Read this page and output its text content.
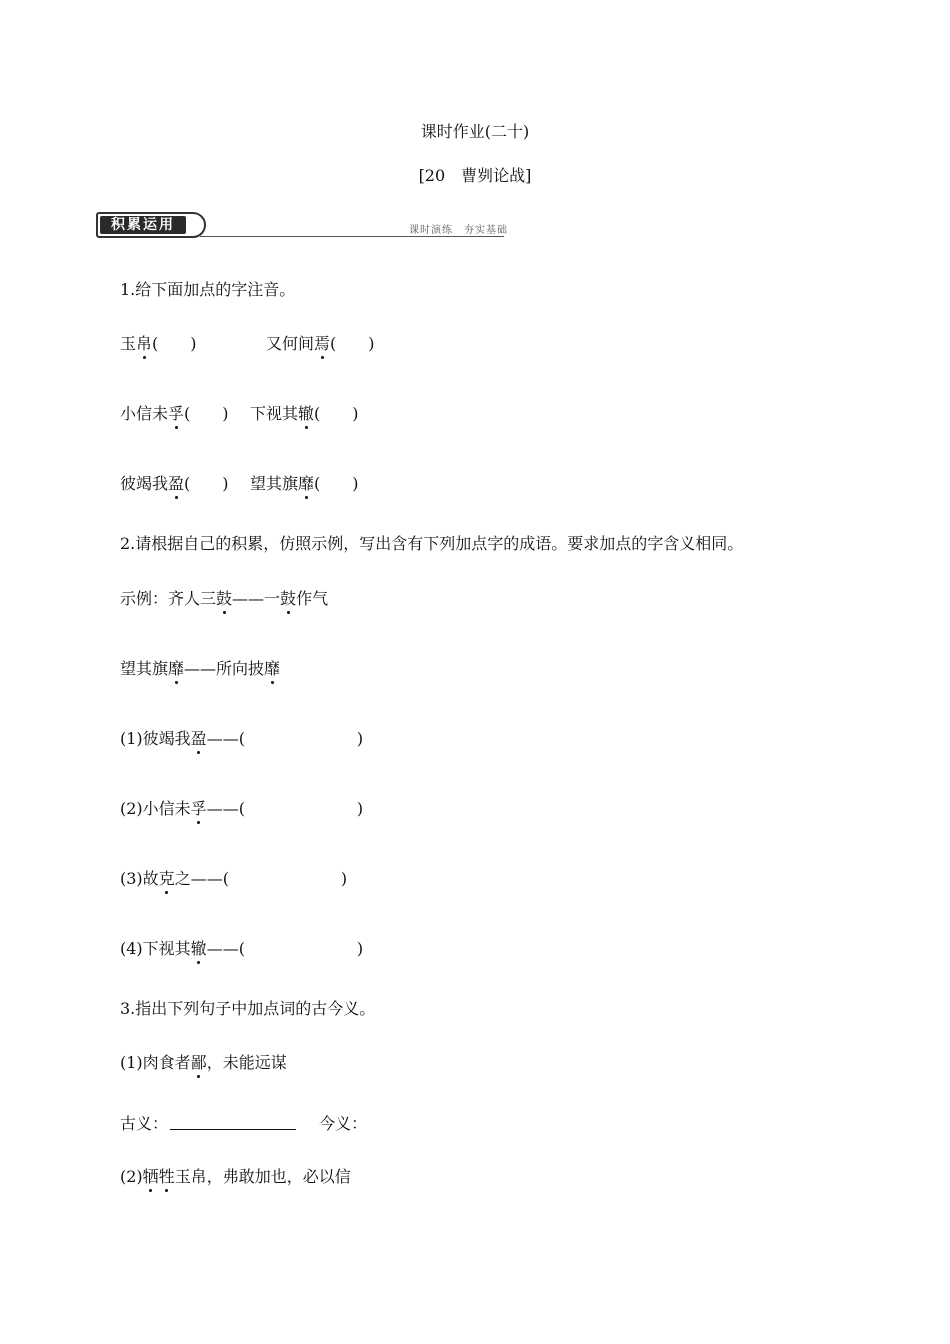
课时作业(二十)
[20　曹刿论战]
积累运用	课时演练　夯实基础
1.给下面加点的字注音。
玉帛(　　)	又何间焉(　　)
小信未孚(　　) 下视其辙(　　)
彼竭我盈(　　) 望其旗靡(　　)
2.请根据自己的积累，仿照示例，写出含有下列加点字的成语。要求加点的字含义相同。
示例：齐人三鼓——一鼓作气
望其旗靡——所向披靡
(1)彼竭我盈——(　　　　　　　)
(2)小信未孚——(　　　　　　　)
(3)故克之——(　　　　　　　)
(4)下视其辙——(　　　　　　　)
3.指出下列句子中加点词的古今义。
(1)肉食者鄙，未能远谋
古义：　	今义：
(2)牺牲玉帛，弗敢加也，必以信
